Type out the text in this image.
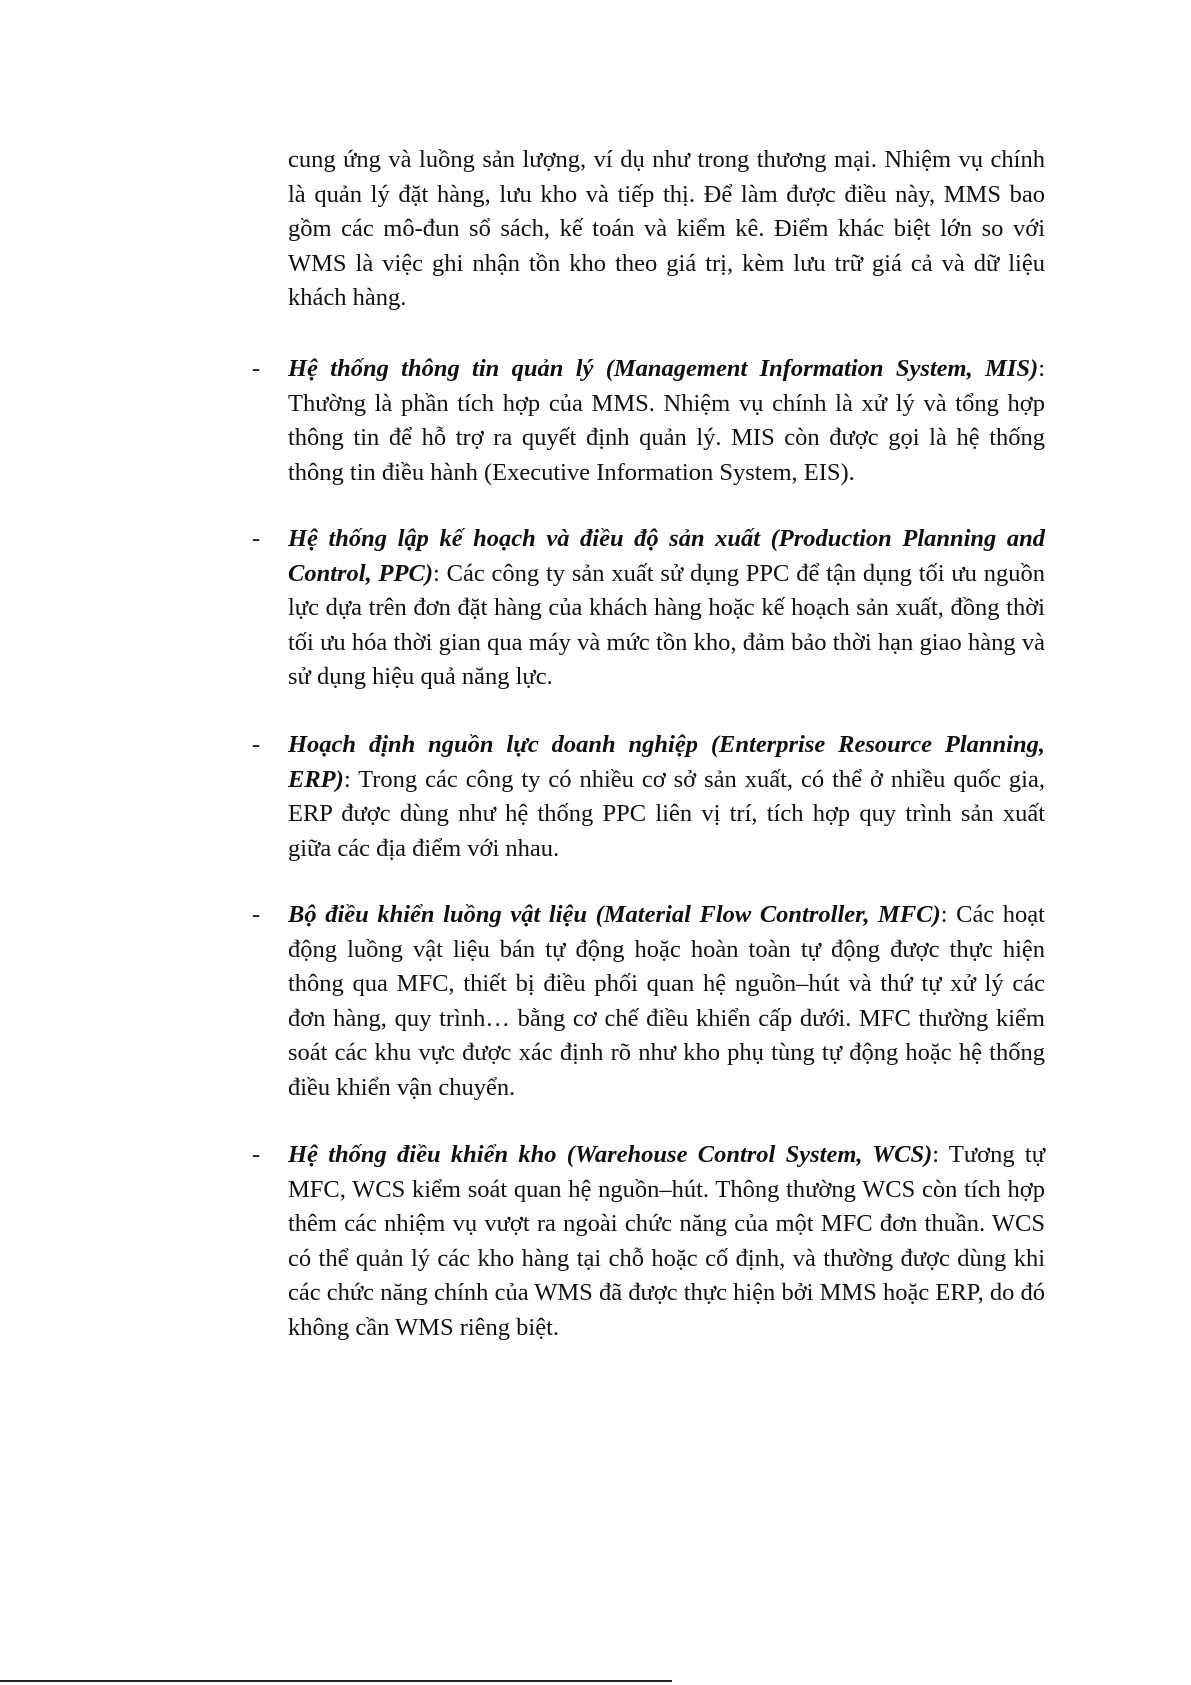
cung ứng và luồng sản lượng, ví dụ như trong thương mại. Nhiệm vụ chính là quản lý đặt hàng, lưu kho và tiếp thị. Để làm được điều này, MMS bao gồm các mô-đun sổ sách, kế toán và kiểm kê. Điểm khác biệt lớn so với WMS là việc ghi nhận tồn kho theo giá trị, kèm lưu trữ giá cả và dữ liệu khách hàng.

- Hệ thống thông tin quản lý (Management Information System, MIS): Thường là phần tích hợp của MMS. Nhiệm vụ chính là xử lý và tổng hợp thông tin để hỗ trợ ra quyết định quản lý. MIS còn được gọi là hệ thống thông tin điều hành (Executive Information System, EIS).

- Hệ thống lập kế hoạch và điều độ sản xuất (Production Planning and Control, PPC): Các công ty sản xuất sử dụng PPC để tận dụng tối ưu nguồn lực dựa trên đơn đặt hàng của khách hàng hoặc kế hoạch sản xuất, đồng thời tối ưu hóa thời gian qua máy và mức tồn kho, đảm bảo thời hạn giao hàng và sử dụng hiệu quả năng lực.

- Hoạch định nguồn lực doanh nghiệp (Enterprise Resource Planning, ERP): Trong các công ty có nhiều cơ sở sản xuất, có thể ở nhiều quốc gia, ERP được dùng như hệ thống PPC liên vị trí, tích hợp quy trình sản xuất giữa các địa điểm với nhau.

- Bộ điều khiển luồng vật liệu (Material Flow Controller, MFC): Các hoạt động luồng vật liệu bán tự động hoặc hoàn toàn tự động được thực hiện thông qua MFC, thiết bị điều phối quan hệ nguồn–hút và thứ tự xử lý các đơn hàng, quy trình… bằng cơ chế điều khiển cấp dưới. MFC thường kiểm soát các khu vực được xác định rõ như kho phụ tùng tự động hoặc hệ thống điều khiển vận chuyển.

- Hệ thống điều khiển kho (Warehouse Control System, WCS): Tương tự MFC, WCS kiểm soát quan hệ nguồn–hút. Thông thường WCS còn tích hợp thêm các nhiệm vụ vượt ra ngoài chức năng của một MFC đơn thuần. WCS có thể quản lý các kho hàng tại chỗ hoặc cố định, và thường được dùng khi các chức năng chính của WMS đã được thực hiện bởi MMS hoặc ERP, do đó không cần WMS riêng biệt.
